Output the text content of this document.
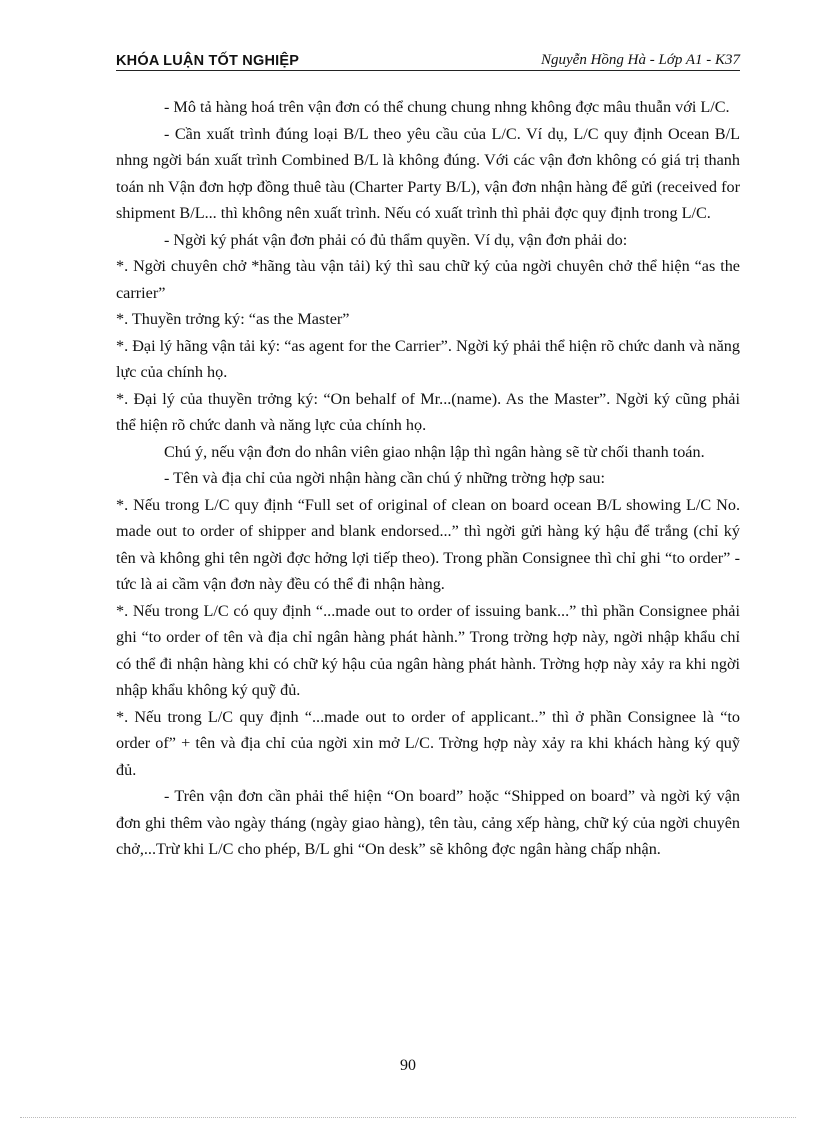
KHÓA LUẬN TỐT NGHIỆP	Nguyễn Hồng Hà - Lớp A1 - K37

- Mô tả hàng hoá trên vận đơn có thể chung chung nhng không đợc mâu thuẫn với L/C.

- Cần xuất trình đúng loại B/L theo yêu cầu của L/C. Ví dụ, L/C quy định Ocean B/L nhng ngời bán xuất trình Combined B/L là không đúng. Với các vận đơn không có giá trị thanh toán nh Vận đơn hợp đồng thuê tàu (Charter Party B/L), vận đơn nhận hàng để gửi (received for shipment B/L... thì không nên xuất trình. Nếu có xuất trình thì phải đợc quy định trong L/C.

- Ngời ký phát vận đơn phải có đủ thẩm quyền. Ví dụ, vận đơn phải do:

*. Ngời chuyên chở *hãng tàu vận tải) ký thì sau chữ ký của ngời chuyên chở thể hiện “as the carrier”

*. Thuyền trởng ký: “as the Master”

*. Đại lý hãng vận tải ký: “as agent for the Carrier”. Ngời ký phải thể hiện rõ chức danh và năng lực của chính họ.

*. Đại lý của thuyền trởng ký: “On behalf of Mr...(name). As the Master”. Ngời ký cũng phải thể hiện rõ chức danh và năng lực của chính họ.

Chú ý, nếu vận đơn do nhân viên giao nhận lập thì ngân hàng sẽ từ chối thanh toán.

- Tên và địa chỉ của ngời nhận hàng cần chú ý những trờng hợp sau:

*. Nếu trong L/C quy định “Full set of original of clean on board ocean B/L showing L/C No. made out to order of shipper and blank endorsed...” thì ngời gửi hàng ký hậu để trắng (chỉ ký tên và không ghi tên ngời đợc hởng lợi tiếp theo). Trong phần Consignee thì chỉ ghi “to order” - tức là ai cầm vận đơn này đều có thể đi nhận hàng.

*. Nếu trong L/C có quy định “...made out to order of issuing bank...” thì phần Consignee phải ghi “to order of tên và địa chỉ ngân hàng phát hành.” Trong trờng hợp này, ngời nhập khẩu chỉ có thể đi nhận hàng khi có chữ ký hậu của ngân hàng phát hành. Trờng hợp này xảy ra khi ngời nhập khẩu không ký quỹ đủ.

*. Nếu trong L/C quy định “...made out to order of applicant..” thì ở phần Consignee là “to order of” + tên và địa chỉ của ngời xin mở L/C. Trờng hợp này xảy ra khi khách hàng ký quỹ đủ.

- Trên vận đơn cần phải thể hiện “On board” hoặc “Shipped on board” và ngời ký vận đơn ghi thêm vào ngày tháng (ngày giao hàng), tên tàu, cảng xếp hàng, chữ ký của ngời chuyên chở,...Trừ khi L/C cho phép, B/L ghi “On desk” sẽ không đợc ngân hàng chấp nhận.

90
